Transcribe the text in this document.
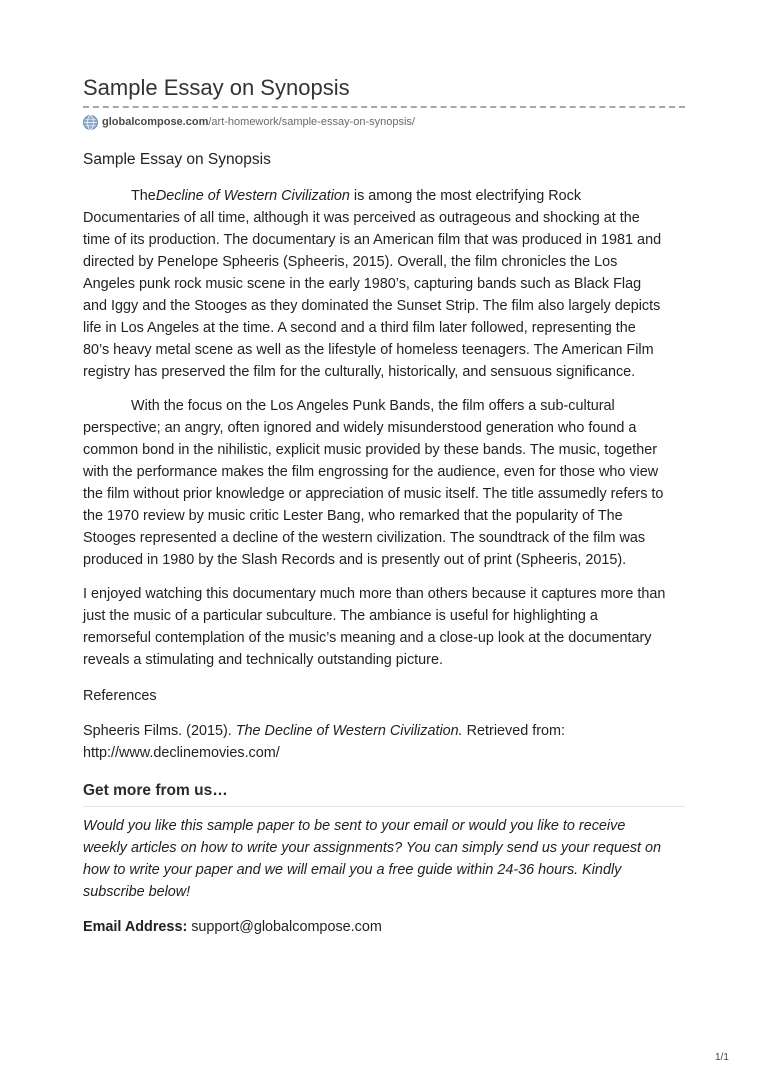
Sample Essay on Synopsis
globalcompose.com /art-homework/sample-essay-on-synopsis/
Sample Essay on Synopsis
TheDecline of Western Civilization is among the most electrifying Rock
Documentaries of all time, although it was perceived as outrageous and shocking at the
time of its production. The documentary is an American film that was produced in 1981 and
directed by Penelope Spheeris (Spheeris, 2015). Overall, the film chronicles the Los
Angeles punk rock music scene in the early 1980’s, capturing bands such as Black Flag
and Iggy and the Stooges as they dominated the Sunset Strip. The film also largely depicts
life in Los Angeles at the time. A second and a third film later followed, representing the
80’s heavy metal scene as well as the lifestyle of homeless teenagers. The American Film
registry has preserved the film for the culturally, historically, and sensuous significance.
With the focus on the Los Angeles Punk Bands, the film offers a sub-cultural
perspective; an angry, often ignored and widely misunderstood generation who found a
common bond in the nihilistic, explicit music provided by these bands. The music, together
with the performance makes the film engrossing for the audience, even for those who view
the film without prior knowledge or appreciation of music itself. The title assumedly refers to
the 1970 review by music critic Lester Bang, who remarked that the popularity of The
Stooges represented a decline of the western civilization. The soundtrack of the film was
produced in 1980 by the Slash Records and is presently out of print (Spheeris, 2015).
I enjoyed watching this documentary much more than others because it captures more than
just the music of a particular subculture. The ambiance is useful for highlighting a
remorseful contemplation of the music’s meaning and a close-up look at the documentary
reveals a stimulating and technically outstanding picture.
References
Spheeris Films. (2015). The Decline of Western Civilization. Retrieved from:
http://www.declinemovies.com/
Get more from us…
Would you like this sample paper to be sent to your email or would you like to receive
weekly articles on how to write your assignments? You can simply send us your request on
how to write your paper and we will email you a free guide within 24-36 hours. Kindly
subscribe below!
Email Address: support@globalcompose.com
1/1
